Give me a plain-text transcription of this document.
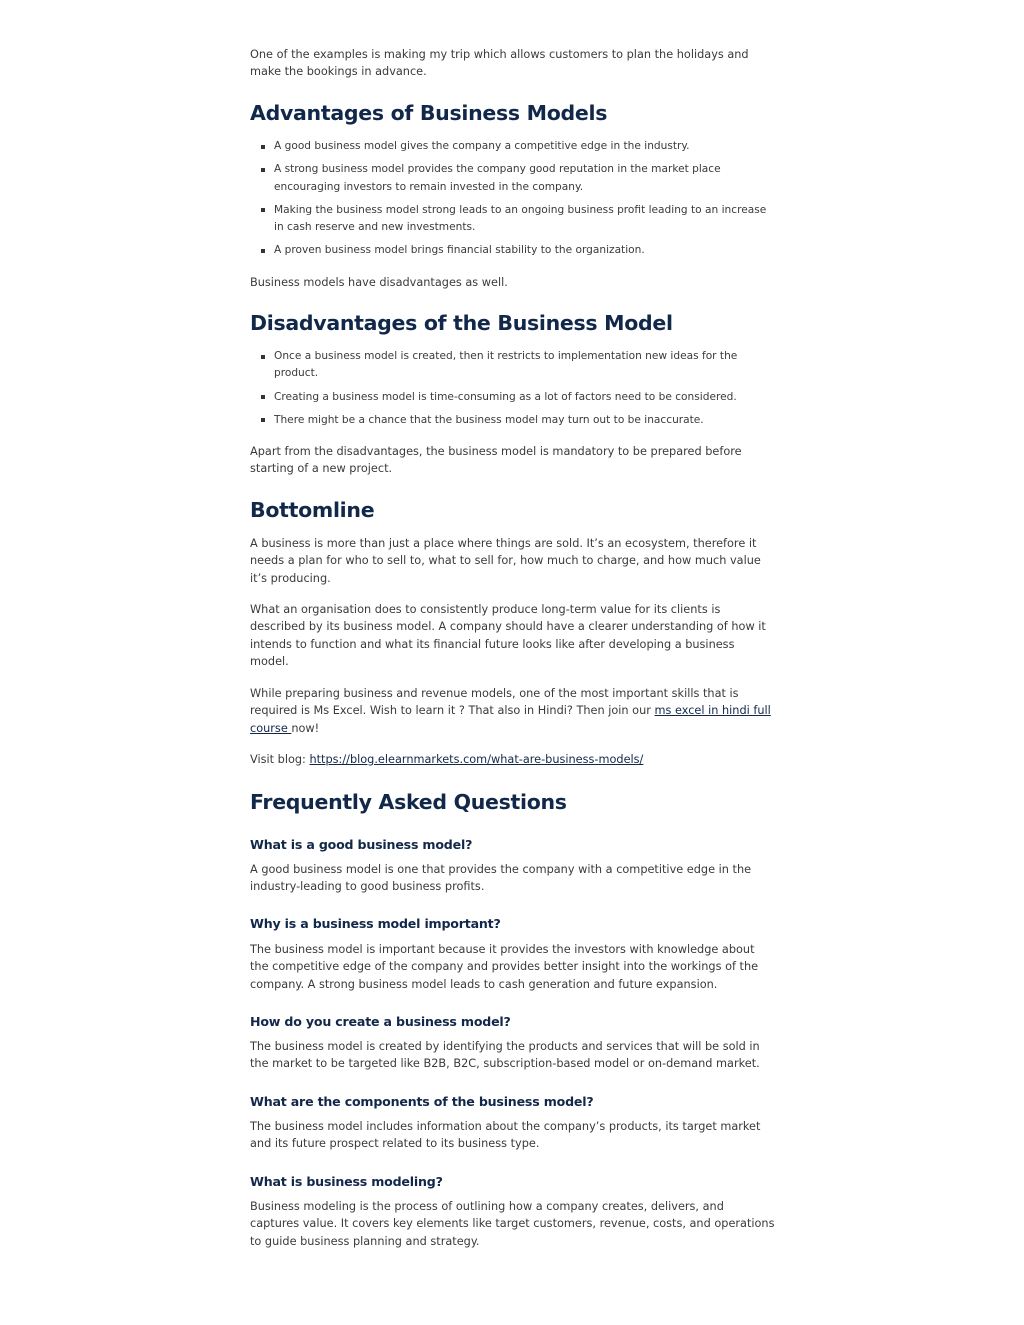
One of the examples is making my trip which allows customers to plan the holidays and make the bookings in advance.

Advantages of Business Models
A good business model gives the company a competitive edge in the industry.
A strong business model provides the company good reputation in the market place encouraging investors to remain invested in the company.
Making the business model strong leads to an ongoing business profit leading to an increase in cash reserve and new investments.
A proven business model brings financial stability to the organization.

Business models have disadvantages as well.

Disadvantages of the Business Model
Once a business model is created, then it restricts to implementation new ideas for the product.
Creating a business model is time-consuming as a lot of factors need to be considered.
There might be a chance that the business model may turn out to be inaccurate.

Apart from the disadvantages, the business model is mandatory to be prepared before starting of a new project.

Bottomline

A business is more than just a place where things are sold. It’s an ecosystem, therefore it needs a plan for who to sell to, what to sell for, how much to charge, and how much value it’s producing.

What an organisation does to consistently produce long-term value for its clients is described by its business model. A company should have a clearer understanding of how it intends to function and what its financial future looks like after developing a business model.

While preparing business and revenue models, one of the most important skills that is required is Ms Excel. Wish to learn it ? That also in Hindi? Then join our ms excel in hindi full course now!

Visit blog: https://blog.elearnmarkets.com/what-are-business-models/

Frequently Asked Questions
What is a good business model?

A good business model is one that provides the company with a competitive edge in the industry-leading to good business profits.

Why is a business model important?

The business model is important because it provides the investors with knowledge about the competitive edge of the company and provides better insight into the workings of the company. A strong business model leads to cash generation and future expansion.

How do you create a business model?

The business model is created by identifying the products and services that will be sold in the market to be targeted like B2B, B2C, subscription-based model or on-demand market.

What are the components of the business model?

The business model includes information about the company’s products, its target market and its future prospect related to its business type.

What is business modeling?

Business modeling is the process of outlining how a company creates, delivers, and captures value. It covers key elements like target customers, revenue, costs, and operations to guide business planning and strategy.
